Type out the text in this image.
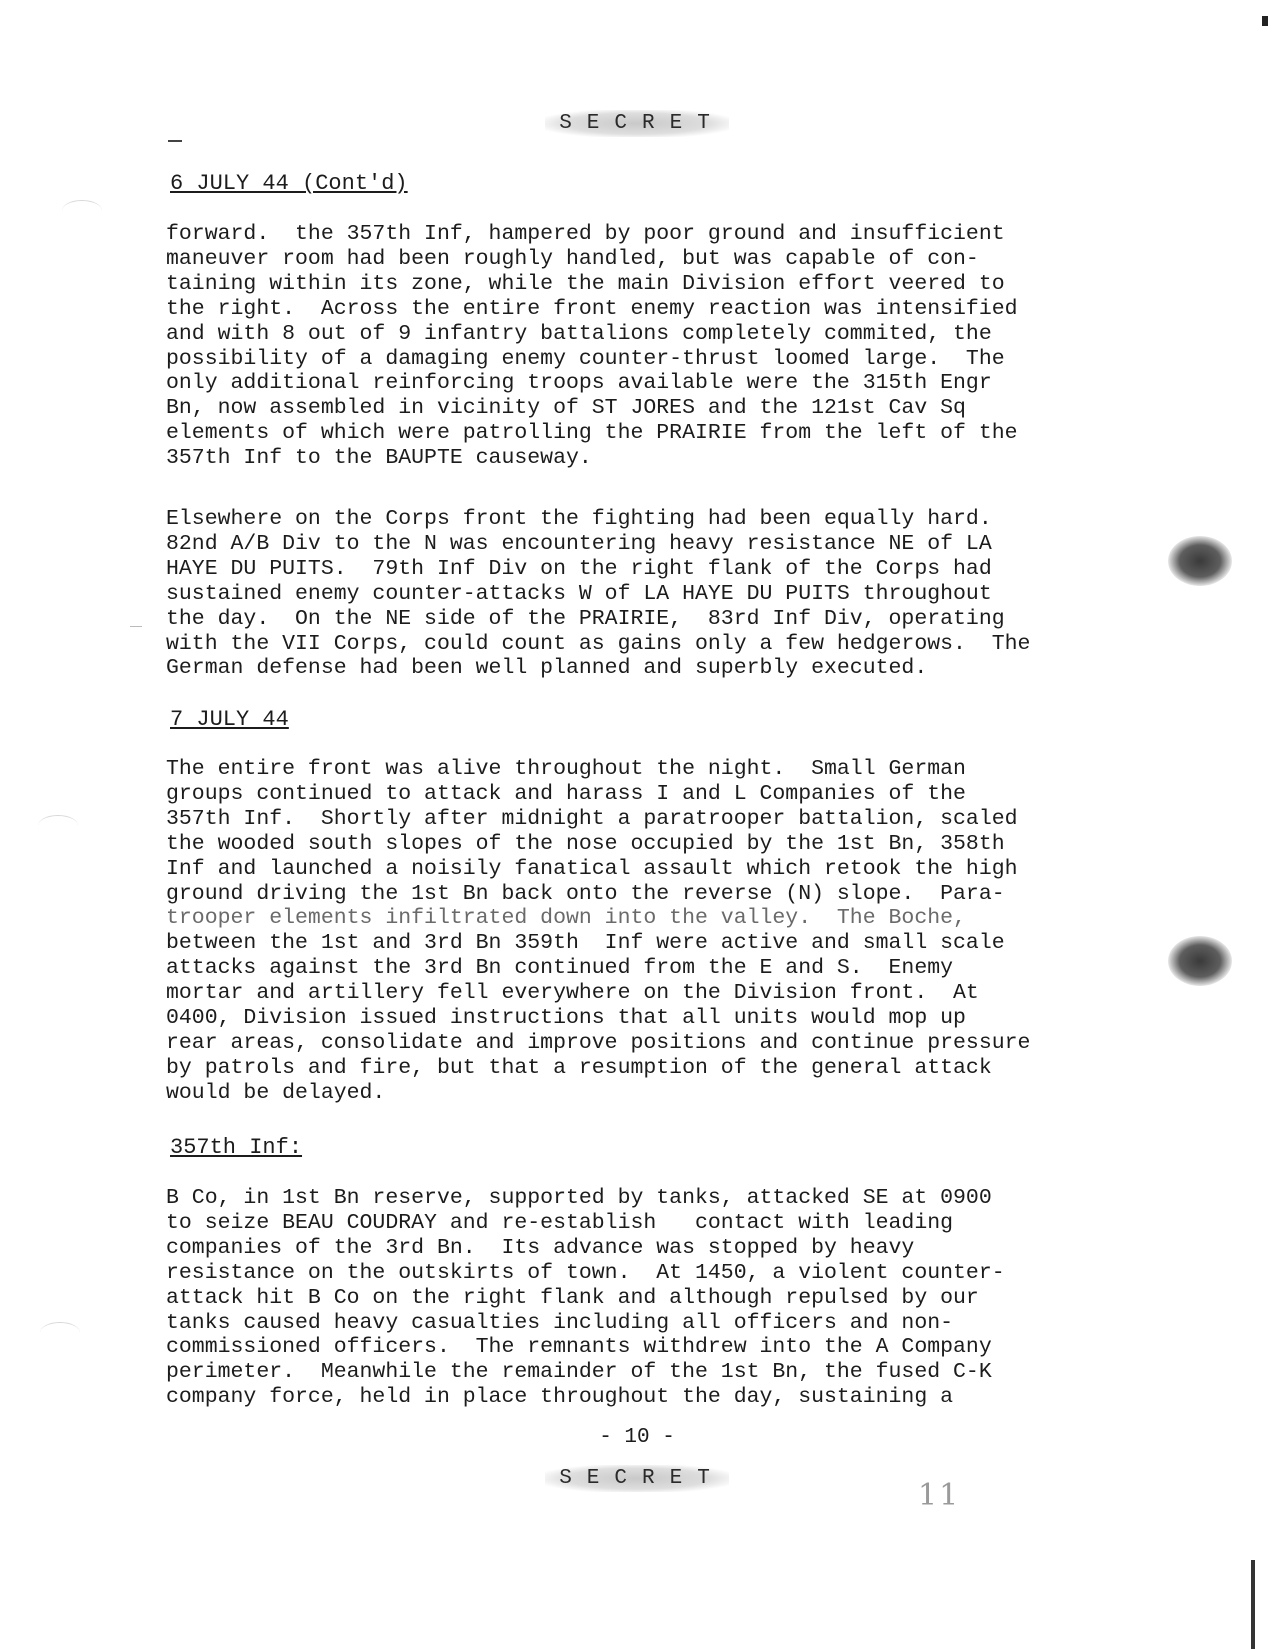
SECRET
6 JULY 44 (Cont'd)
forward.  the 357th Inf, hampered by poor ground and insufficient
maneuver room had been roughly handled, but was capable of con-
taining within its zone, while the main Division effort veered to
the right.  Across the entire front enemy reaction was intensified
and with 8 out of 9 infantry battalions completely commited, the
possibility of a damaging enemy counter-thrust loomed large.  The
only additional reinforcing troops available were the 315th Engr
Bn, now assembled in vicinity of ST JORES and the 121st Cav Sq
elements of which were patrolling the PRAIRIE from the left of the
357th Inf to the BAUPTE causeway.
Elsewhere on the Corps front the fighting had been equally hard.
82nd A/B Div to the N was encountering heavy resistance NE of LA
HAYE DU PUITS.  79th Inf Div on the right flank of the Corps had
sustained enemy counter-attacks W of LA HAYE DU PUITS throughout
the day.  On the NE side of the PRAIRIE,  83rd Inf Div, operating
with the VII Corps, could count as gains only a few hedgerows.  The
German defense had been well planned and superbly executed.
7 JULY 44
The entire front was alive throughout the night.  Small German
groups continued to attack and harass I and L Companies of the
357th Inf.  Shortly after midnight a paratrooper battalion, scaled
the wooded south slopes of the nose occupied by the 1st Bn, 358th
Inf and launched a noisily fanatical assault which retook the high
ground driving the 1st Bn back onto the reverse (N) slope.  Para-
trooper elements infiltrated down into the valley.  The Boche,
between the 1st and 3rd Bn 359th  Inf were active and small scale
attacks against the 3rd Bn continued from the E and S.  Enemy
mortar and artillery fell everywhere on the Division front.  At
0400, Division issued instructions that all units would mop up
rear areas, consolidate and improve positions and continue pressure
by patrols and fire, but that a resumption of the general attack
would be delayed.
357th Inf:
B Co, in 1st Bn reserve, supported by tanks, attacked SE at 0900
to seize BEAU COUDRAY and re-establish   contact with leading
companies of the 3rd Bn.  Its advance was stopped by heavy
resistance on the outskirts of town.  At 1450, a violent counter-
attack hit B Co on the right flank and although repulsed by our
tanks caused heavy casualties including all officers and non-
commissioned officers.  The remnants withdrew into the A Company
perimeter.  Meanwhile the remainder of the 1st Bn, the fused C-K
company force, held in place throughout the day, sustaining a
- 10 -
SECRET	11
